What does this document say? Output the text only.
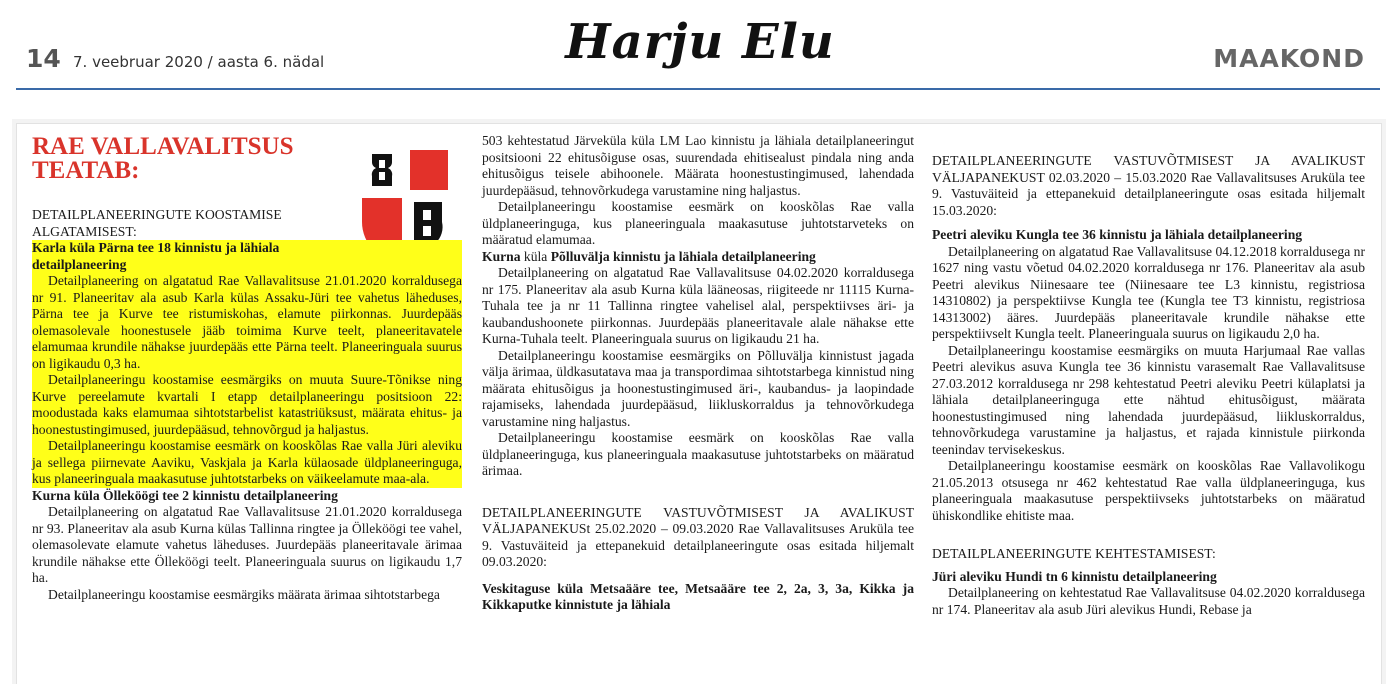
14 7. veebruar 2020 / aasta 6. nädal	Harju Elu	MAAKOND
RAE VALLAVALITSUS TEATAB:

DETAILPLANEERINGUTE KOOSTAMISE ALGATAMISEST:

Karla küla Pärna tee 18 kinnistu ja lähiala detailplaneering

Detailplaneering on algatatud Rae Vallavalitsuse 21.01.2020 korraldusega nr 91. Planeeritav ala asub Karla külas Assaku-Jüri tee vahetus läheduses, Pärna tee ja Kurve tee ristumiskohas, elamute piirkonnas. Juurdepääs olemasolevale hoonestusele jääb toimima Kurve teelt, planeeritavatele elamumaa krundile nähakse juurdepääs ette Pärna teelt. Planeeringuala suurus on ligikaudu 0,3 ha.

Detailplaneeringu koostamise eesmärgiks on muuta Suure-Tõnikse ning Kurve pereelamute kvartali I etapp detailplaneeringu positsioon 22: moodustada kaks elamumaa sihtotstarbelist katastriüksust, määrata ehitus- ja hoonestustingimused, juurdepääsud, tehnovõrgud ja haljastus.

Detailplaneeringu koostamise eesmärk on kooskõlas Rae valla Jüri aleviku ja sellega piirnevate Aaviku, Vaskjala ja Karla külaosade üldplaneeringuga, kus planeeringuala maakasutuse juhtotstarbeks on väikeelamute maa-ala.

Kurna küla Ölleköögi tee 2 kinnistu detailplaneering

Detailplaneering on algatatud Rae Vallavalitsuse 21.01.2020 korraldusega nr 93. Planeeritav ala asub Kurna külas Tallinna ringtee ja Ölleköögi tee vahel, olemasolevate elamute vahetus läheduses. Juurdepääs planeeritavale ärimaa krundile nähakse ette Ölleköögi teelt. Planeeringuala suurus on ligikaudu 1,7 ha.

Detailplaneeringu koostamise eesmärgiks määrata ärimaa sihtotstarbega

503 kehtestatud Järveküla küla LM Lao kinnistu ja lähiala detailplaneeringut positsiooni 22 ehitusõiguse osas, suurendada ehitisealust pindala ning anda ehitusõigus teisele abihoonele. Määrata hoonestustingimused, lahendada juurdepääsud, tehnovõrkudega varustamine ning haljastus.

Detailplaneeringu koostamise eesmärk on kooskõlas Rae valla üldplaneeringuga, kus planeeringuala maakasutuse juhtotstarveteks on määratud elamumaa.

Kurna küla Põlluvälja kinnistu ja lähiala detailplaneering

Detailplaneering on algatatud Rae Vallavalitsuse 04.02.2020 korraldusega nr 175. Planeeritav ala asub Kurna küla lääneosas, riigiteede nr 11115 Kurna-Tuhala tee ja nr 11 Tallinna ringtee vahelisel alal, perspektiivses äri- ja kaubandushoonete piirkonnas. Juurdepääs planeeritavale alale nähakse ette Kurna-Tuhala teelt. Planeeringuala suurus on ligikaudu 21 ha.

Detailplaneeringu koostamise eesmärgiks on Põlluvälja kinnistust jagada välja ärimaa, üldkasutatava maa ja transpordimaa sihtotstarbega kinnistud ning määrata ehitusõigus ja hoonestustingimused äri-, kaubandus- ja laopindade rajamiseks, lahendada juurdepääsud, liikluskorraldus ja tehnovõrkudega varustamine ning haljastus.

Detailplaneeringu koostamise eesmärk on kooskõlas Rae valla üldplaneeringuga, kus planeeringuala maakasutuse juhtotstarbeks on määratud ärimaa.

DETAILPLANEERINGUTE VASTUVÕTMISEST JA AVALIKUST VÄLJAPANEKUSt 25.02.2020 – 09.03.2020 Rae Vallavalitsuses Aruküla tee 9. Vastuväiteid ja ettepanekuid detailplaneeringute osas esitada hiljemalt 09.03.2020:

Veskitaguse küla Metsaääre tee, Metsaääre tee 2, 2a, 3, 3a, Kikka ja Kikkaputke kinnistute ja lähiala

DETAILPLANEERINGUTE VASTUVÕTMISEST JA AVALIKUST VÄLJAPANEKUST 02.03.2020 – 15.03.2020 Rae Vallavalitsuses Aruküla tee 9. Vastuväiteid ja ettepanekuid detailplaneeringute osas esitada hiljemalt 15.03.2020:

Peetri aleviku Kungla tee 36 kinnistu ja lähiala detailplaneering

Detailplaneering on algatatud Rae Vallavalitsuse 04.12.2018 korraldusega nr 1627 ning vastu võetud 04.02.2020 korraldusega nr 176. Planeeritav ala asub Peetri alevikus Niinesaare tee (Niinesaare tee L3 kinnistu, registriosa 14310802) ja perspektiivse Kungla tee (Kungla tee T3 kinnistu, registriosa 14313002) ääres. Juurdepääs planeeritavale krundile nähakse ette perspektiivselt Kungla teelt. Planeeringuala suurus on ligikaudu 2,0 ha.

Detailplaneeringu koostamise eesmärgiks on muuta Harjumaal Rae vallas Peetri alevikus asuva Kungla tee 36 kinnistu varasemalt Rae Vallavalitsuse 27.03.2012 korraldusega nr 298 kehtestatud Peetri aleviku Peetri külaplatsi ja lähiala detailplaneeringuga ette nähtud ehitusõigust, määrata hoonestustingimused ning lahendada juurdepääsud, liikluskorraldus, tehnovõrkudega varustamine ja haljastus, et rajada kinnistule piirkonda teenindav tervisekeskus.

Detailplaneeringu koostamise eesmärk on kooskõlas Rae Vallavolikogu 21.05.2013 otsusega nr 462 kehtestatud Rae valla üldplaneeringuga, kus planeeringuala maakasutuse perspektiivseks juhtotstarbeks on määratud ühiskondlike ehitiste maa.

DETAILPLANEERINGUTE KEHTESTAMISEST:

Jüri aleviku Hundi tn 6 kinnistu detailplaneering

Detailplaneering on kehtestatud Rae Vallavalitsuse 04.02.2020 korraldusega nr 174. Planeeritav ala asub Jüri alevikus Hundi, Rebase ja
